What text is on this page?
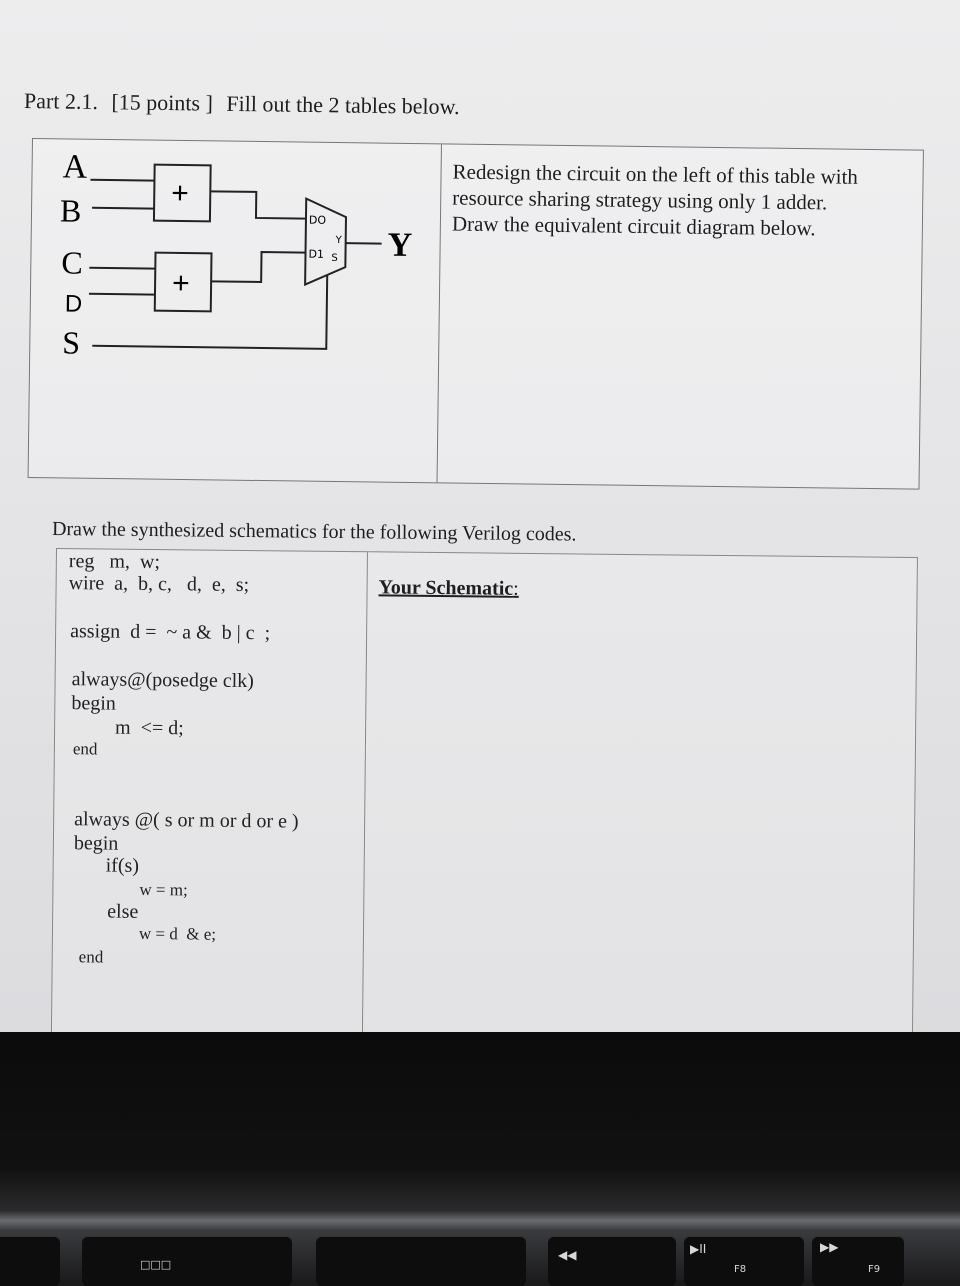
Part 2.1. [15 points ] Fill out the 2 tables below.
A
B
C
D
S
+
+
DO
D1
Y
S Y
Redesign the circuit on the left of this table with
resource sharing strategy using only 1 adder.
Draw the equivalent circuit diagram below.
Draw the synthesized schematics for the following Verilog codes.
reg   m,  w;
wire  a,  b, c,   d,  e,  s;
assign  d =  ~ a &  b | c  ;
always@(posedge clk)
begin
m  <= d;
end
always @( s or m or d or e )
begin
if(s)
w = m;
else
w = d  & e;
end
Your Schematic:
□□□
◀◀	▶II
F8
▶▶
F9
